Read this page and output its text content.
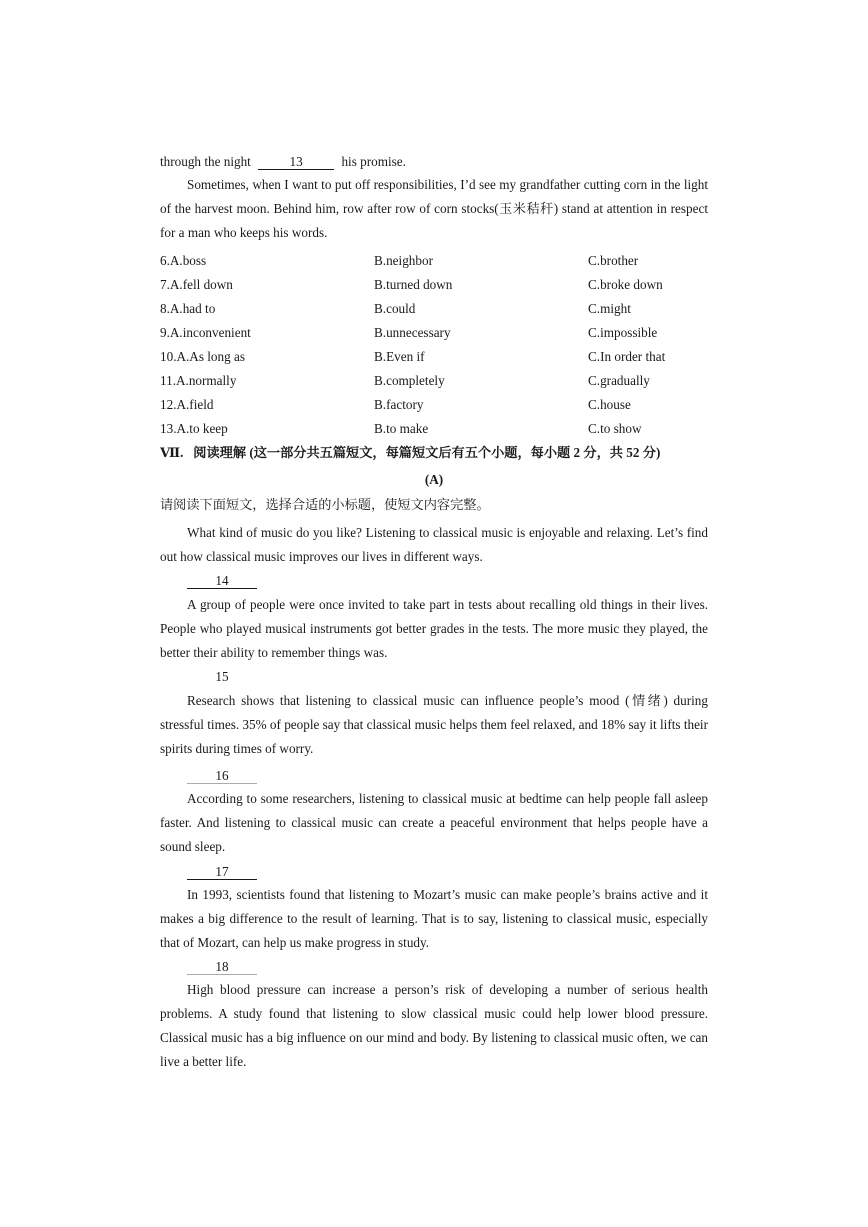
through the night	13	his promise.
Sometimes, when I want to put off responsibilities, I’d see my grandfather cutting corn in the light of the harvest moon. Behind him, row after row of corn stocks(玉米秸秆) stand at attention in respect for a man who keeps his words.
6.A.boss	B.neighbor	C.brother
7.A.fell down	B.turned down	C.broke down
8.A.had to	B.could	C.might
9.A.inconvenient	B.unnecessary	C.impossible
10.A.As long as	B.Even if	C.In order that
11.A.normally	B.completely	C.gradually
12.A.field	B.factory	C.house
13.A.to keep	B.to make	C.to show
Ⅶ.   阅读理解 (这一部分共五篇短文，每篇短文后有五个小题，每小题 2 分，共 52 分)
(A)
请阅读下面短文，选择合适的小标题，使短文内容完整。
What kind of music do you like? Listening to classical music is enjoyable and relaxing. Let’s find out how classical music improves our lives in different ways.
14
A group of people were once invited to take part in tests about recalling old things in their lives. People who played musical instruments got better grades in the tests. The more music they played, the better their ability to remember things was.
15
Research shows that listening to classical music can influence people’s mood (情绪) during stressful times. 35% of people say that classical music helps them feel relaxed, and 18% say it lifts their spirits during times of worry.
16
According to some researchers, listening to classical music at bedtime can help people fall asleep faster. And listening to classical music can create a peaceful environment that helps people have a sound sleep.
17
In 1993, scientists found that listening to Mozart’s music can make people’s brains active and it makes a big difference to the result of learning. That is to say, listening to classical music, especially that of Mozart, can help us make progress in study.
18
High blood pressure can increase a person’s risk of developing a number of serious health problems. A study found that listening to slow classical music could help lower blood pressure. Classical music has a big influence on our mind and body. By listening to classical music often, we can live a better life.
